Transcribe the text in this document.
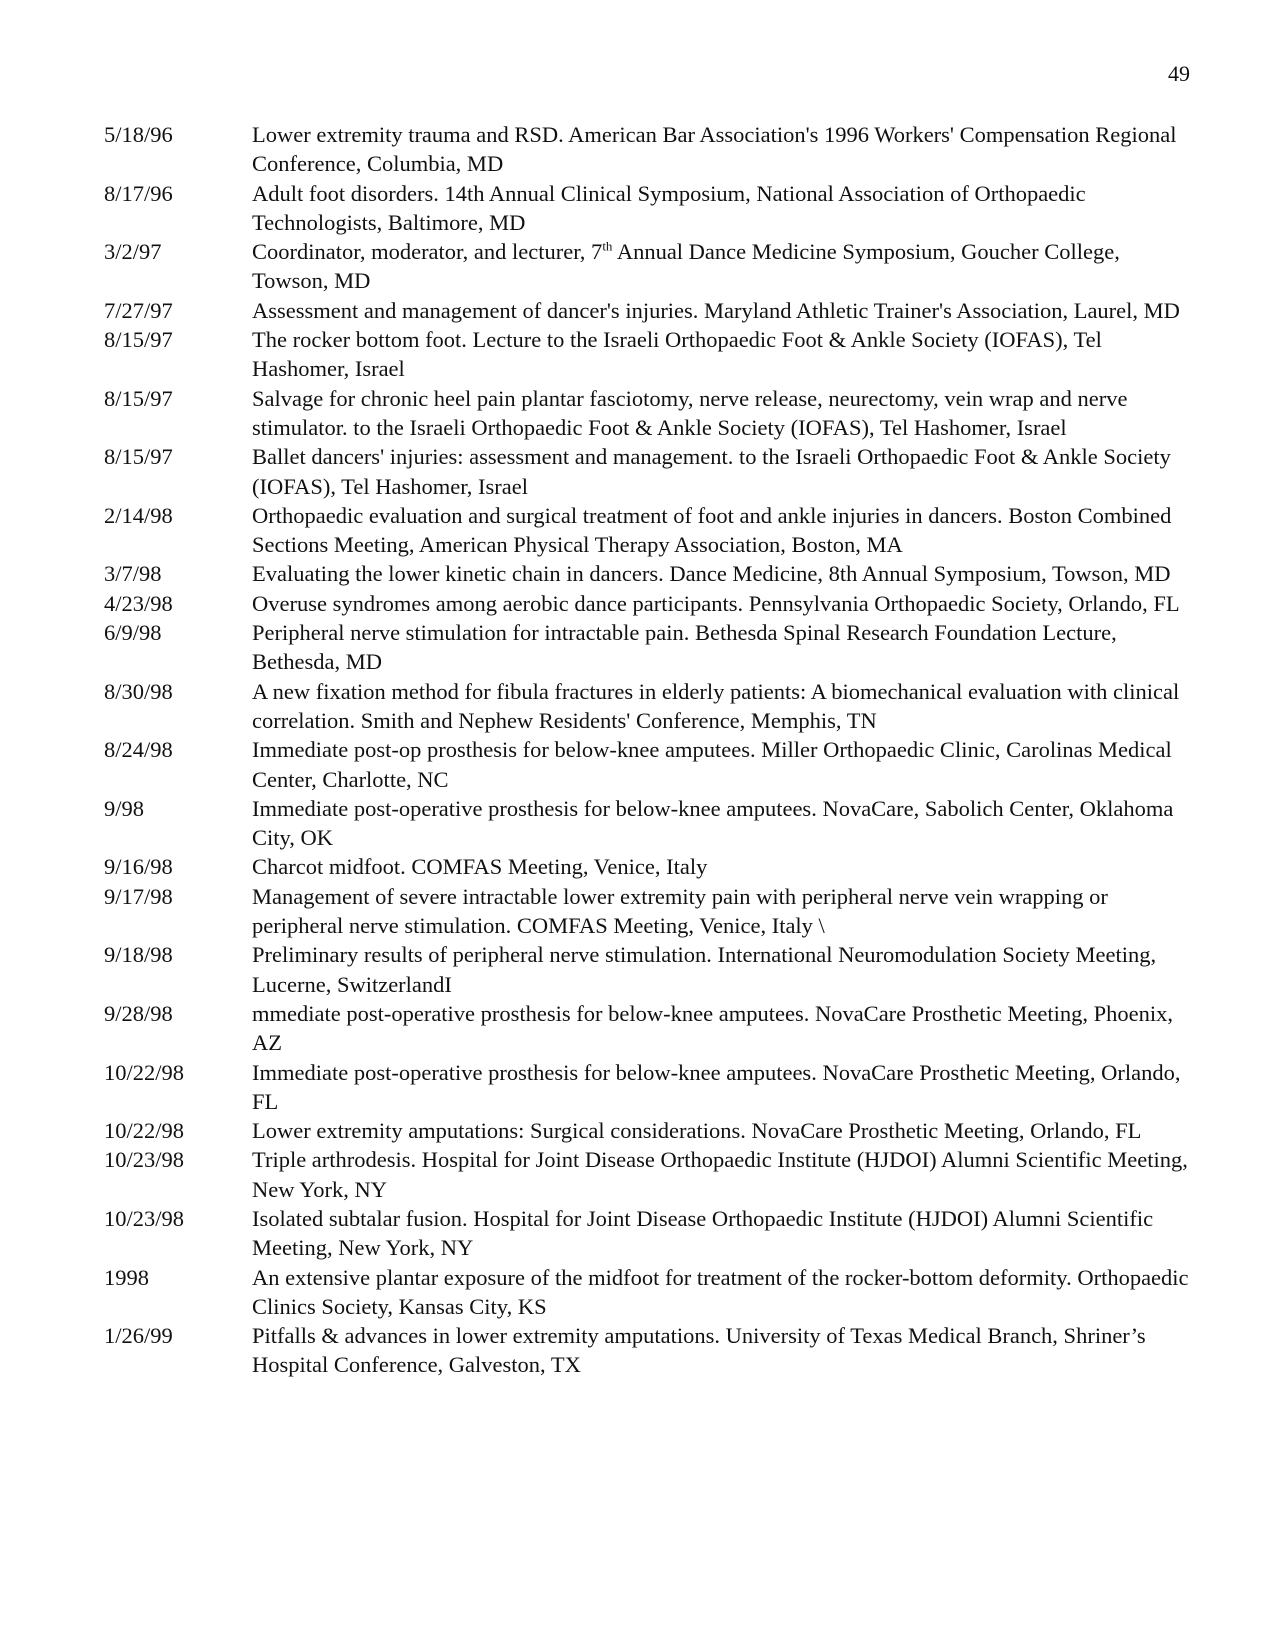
49
5/18/96	Lower extremity trauma and RSD. American Bar Association's 1996 Workers' Compensation Regional Conference, Columbia, MD
8/17/96	Adult foot disorders. 14th Annual Clinical Symposium, National Association of Orthopaedic Technologists, Baltimore, MD
3/2/97	Coordinator, moderator, and lecturer, 7th Annual Dance Medicine Symposium, Goucher College, Towson, MD
7/27/97	Assessment and management of dancer's injuries. Maryland Athletic Trainer's Association, Laurel, MD
8/15/97	The rocker bottom foot. Lecture to the Israeli Orthopaedic Foot & Ankle Society (IOFAS), Tel Hashomer, Israel
8/15/97	Salvage for chronic heel pain plantar fasciotomy, nerve release, neurectomy, vein wrap and nerve stimulator. to the Israeli Orthopaedic Foot & Ankle Society (IOFAS), Tel Hashomer, Israel
8/15/97	Ballet dancers' injuries: assessment and management. to the Israeli Orthopaedic Foot & Ankle Society (IOFAS), Tel Hashomer, Israel
2/14/98	Orthopaedic evaluation and surgical treatment of foot and ankle injuries in dancers. Boston Combined Sections Meeting, American Physical Therapy Association, Boston, MA
3/7/98	Evaluating the lower kinetic chain in dancers. Dance Medicine, 8th Annual Symposium, Towson, MD
4/23/98	Overuse syndromes among aerobic dance participants. Pennsylvania Orthopaedic Society, Orlando, FL
6/9/98	Peripheral nerve stimulation for intractable pain. Bethesda Spinal Research Foundation Lecture, Bethesda, MD
8/30/98	A new fixation method for fibula fractures in elderly patients: A biomechanical evaluation with clinical correlation. Smith and Nephew Residents' Conference, Memphis, TN
8/24/98	Immediate post-op prosthesis for below-knee amputees. Miller Orthopaedic Clinic, Carolinas Medical Center, Charlotte, NC
9/98	Immediate post-operative prosthesis for below-knee amputees. NovaCare, Sabolich Center, Oklahoma City, OK
9/16/98	Charcot midfoot. COMFAS Meeting, Venice, Italy
9/17/98	Management of severe intractable lower extremity pain with peripheral nerve vein wrapping or peripheral nerve stimulation. COMFAS Meeting, Venice, Italy \
9/18/98	Preliminary results of peripheral nerve stimulation. International Neuromodulation Society Meeting, Lucerne, SwitzerlandI
9/28/98	mmediate post-operative prosthesis for below-knee amputees. NovaCare Prosthetic Meeting, Phoenix, AZ
10/22/98	Immediate post-operative prosthesis for below-knee amputees. NovaCare Prosthetic Meeting, Orlando, FL
10/22/98	Lower extremity amputations: Surgical considerations. NovaCare Prosthetic Meeting, Orlando, FL
10/23/98	Triple arthrodesis. Hospital for Joint Disease Orthopaedic Institute (HJDOI) Alumni Scientific Meeting, New York, NY
10/23/98	Isolated subtalar fusion. Hospital for Joint Disease Orthopaedic Institute (HJDOI) Alumni Scientific Meeting, New York, NY
1998	An extensive plantar exposure of the midfoot for treatment of the rocker-bottom deformity. Orthopaedic Clinics Society, Kansas City, KS
1/26/99	Pitfalls & advances in lower extremity amputations. University of Texas Medical Branch, Shriner’s Hospital Conference, Galveston, TX
